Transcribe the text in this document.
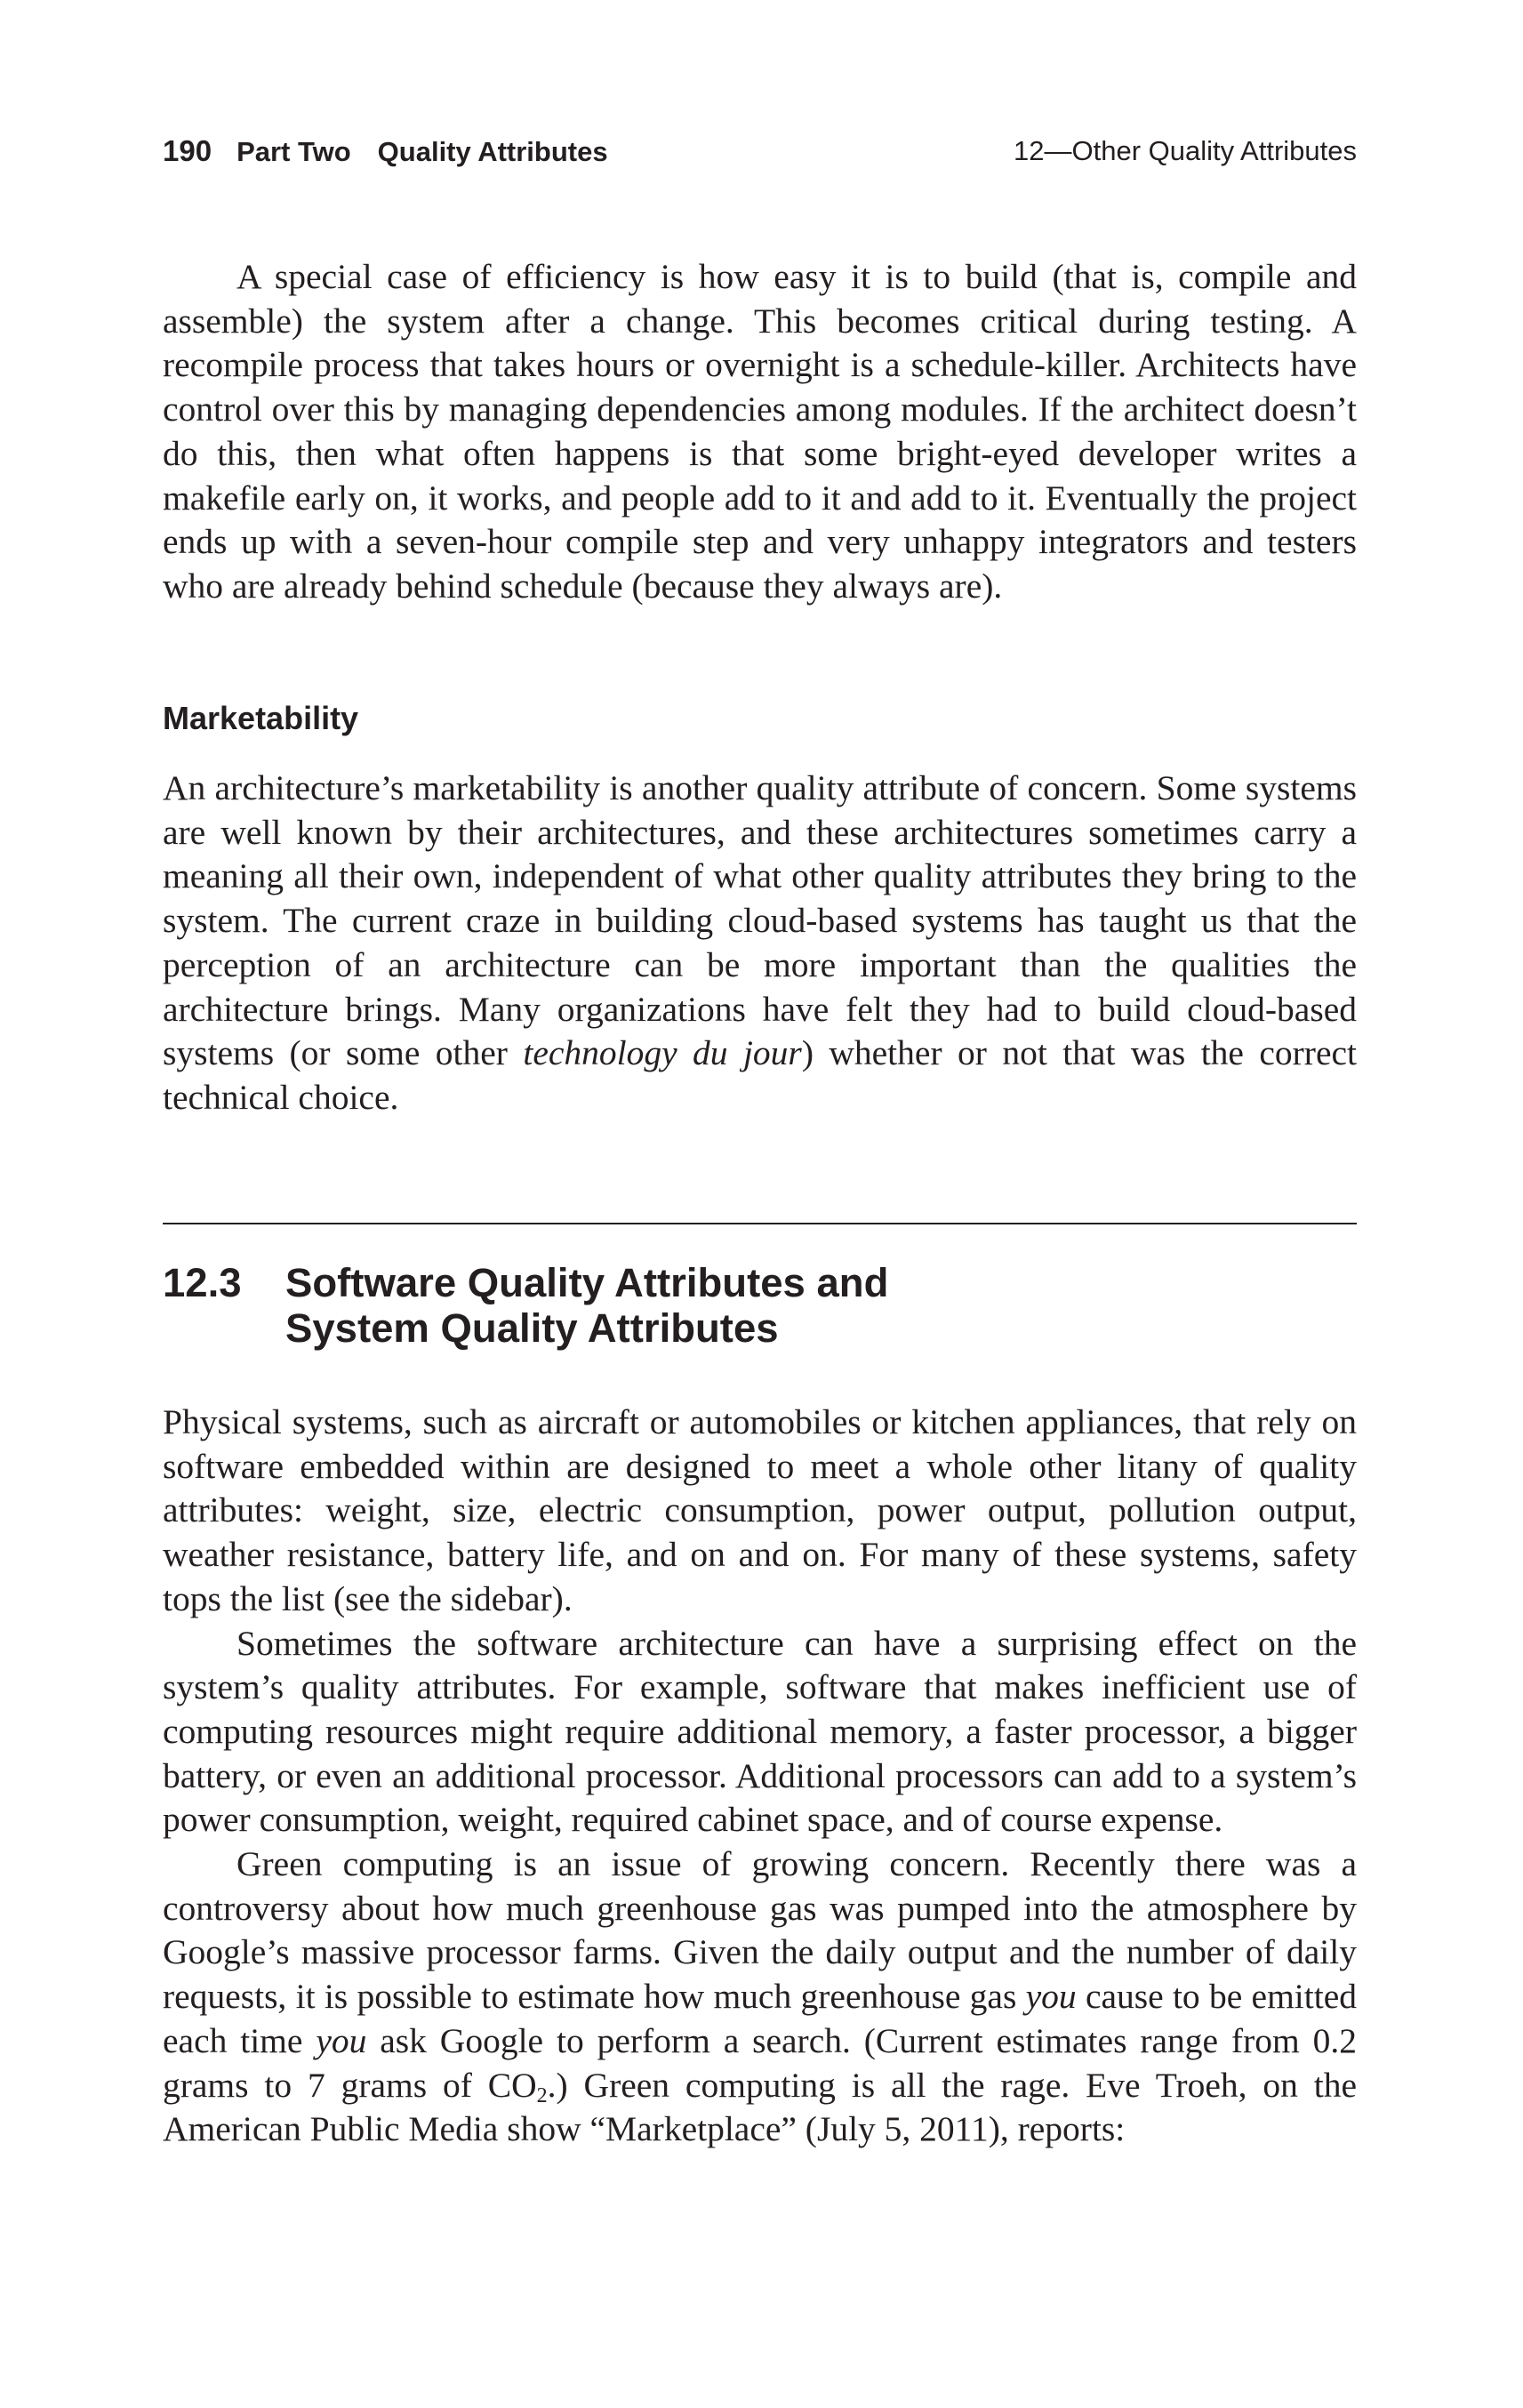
190 Part Two Quality Attributes	12—Other Quality Attributes

A special case of efficiency is how easy it is to build (that is, compile and assemble) the system after a change. This becomes critical during testing. A recompile process that takes hours or overnight is a schedule-killer. Architects have control over this by managing dependencies among modules. If the architect doesn’t do this, then what often happens is that some bright-eyed developer writes a makefile early on, it works, and people add to it and add to it. Eventually the project ends up with a seven-hour compile step and very unhappy integrators and testers who are already behind schedule (because they always are).

Marketability

An architecture’s marketability is another quality attribute of concern. Some systems are well known by their architectures, and these architectures sometimes carry a meaning all their own, independent of what other quality attributes they bring to the system. The current craze in building cloud-based systems has taught us that the perception of an architecture can be more important than the qualities the architecture brings. Many organizations have felt they had to build cloud-based systems (or some other technology du jour) whether or not that was the correct technical choice.

12.3 Software Quality Attributes and
System Quality Attributes

Physical systems, such as aircraft or automobiles or kitchen appliances, that rely on software embedded within are designed to meet a whole other litany of quality attributes: weight, size, electric consumption, power output, pollution output, weather resistance, battery life, and on and on. For many of these systems, safety tops the list (see the sidebar).

Sometimes the software architecture can have a surprising effect on the system’s quality attributes. For example, software that makes inefficient use of computing resources might require additional memory, a faster processor, a bigger battery, or even an additional processor. Additional processors can add to a system’s power consumption, weight, required cabinet space, and of course expense.

Green computing is an issue of growing concern. Recently there was a controversy about how much greenhouse gas was pumped into the atmosphere by Google’s massive processor farms. Given the daily output and the number of daily requests, it is possible to estimate how much greenhouse gas you cause to be emitted each time you ask Google to perform a search. (Current estimates range from 0.2 grams to 7 grams of $CO_2$.) Green computing is all the rage. Eve Troeh, on the American Public Media show “Marketplace” (July 5, 2011), reports:
